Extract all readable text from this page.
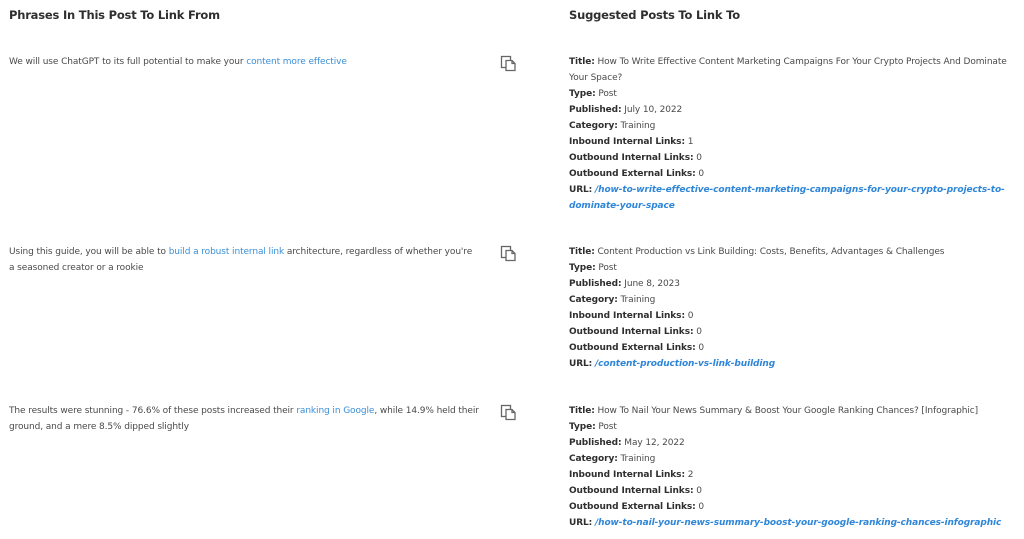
Phrases In This Post To Link From	Suggested Posts To Link To
We will use ChatGPT to its full potential to make your content more effective	Title: How To Write Effective Content Marketing Campaigns For Your Crypto Projects And Dominate Your Space?
Type: Post
Published: July 10, 2022
Category: Training
Inbound Internal Links: 1
Outbound Internal Links: 0
Outbound External Links: 0
URL: /how-to-write-effective-content-marketing-campaigns-for-your-crypto-projects-to-dominate-your-space
Using this guide, you will be able to build a robust internal link architecture, regardless of whether you're a seasoned creator or a rookie
Title: Content Production vs Link Building: Costs, Benefits, Advantages & Challenges
Type: Post
Published: June 8, 2023
Category: Training
Inbound Internal Links: 0
Outbound Internal Links: 0
Outbound External Links: 0
URL: /content-production-vs-link-building
The results were stunning - 76.6% of these posts increased their ranking in Google, while 14.9% held their ground, and a mere 8.5% dipped slightly
Title: How To Nail Your News Summary & Boost Your Google Ranking Chances? [Infographic]
Type: Post
Published: May 12, 2022
Category: Training
Inbound Internal Links: 2
Outbound Internal Links: 0
Outbound External Links: 0
URL: /how-to-nail-your-news-summary-boost-your-google-ranking-chances-infographic
